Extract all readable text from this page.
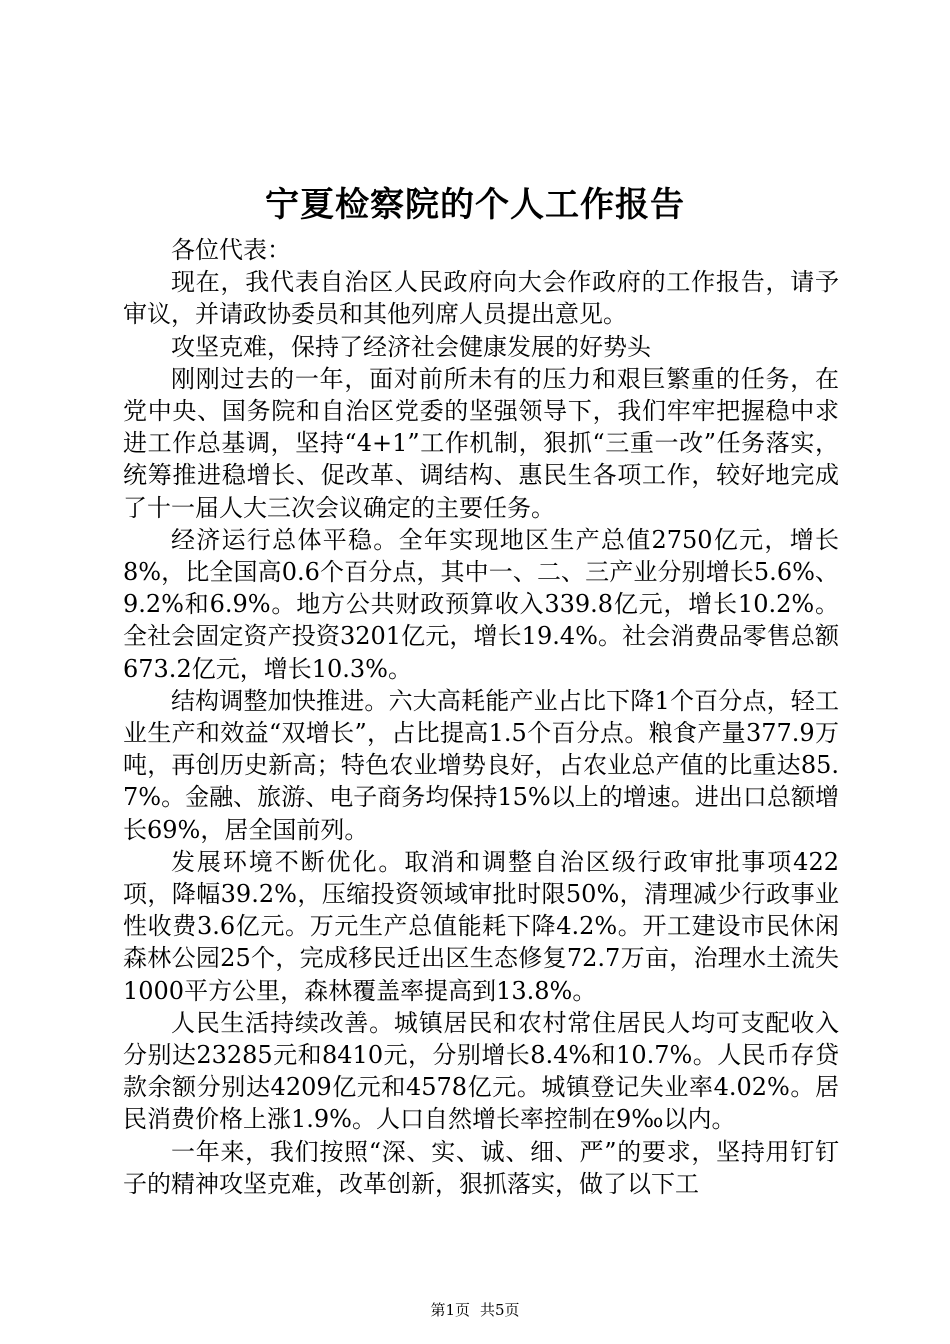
宁夏检察院的个人工作报告

各位代表：

现在，我代表自治区人民政府向大会作政府的工作报告，请予审议，并请政协委员和其他列席人员提出意见。

攻坚克难，保持了经济社会健康发展的好势头

刚刚过去的一年，面对前所未有的压力和艰巨繁重的任务，在党中央、国务院和自治区党委的坚强领导下，我们牢牢把握稳中求进工作总基调，坚持“4+1”工作机制，狠抓“三重一改”任务落实，统筹推进稳增长、促改革、调结构、惠民生各项工作，较好地完成了十一届人大三次会议确定的主要任务。

经济运行总体平稳。全年实现地区生产总值2750亿元，增长8%，比全国高0.6个百分点，其中一、二、三产业分别增长5.6%、9.2%和6.9%。地方公共财政预算收入339.8亿元，增长10.2%。全社会固定资产投资3201亿元，增长19.4%。社会消费品零售总额673.2亿元，增长10.3%。

结构调整加快推进。六大高耗能产业占比下降1个百分点，轻工业生产和效益“双增长”，占比提高1.5个百分点。粮食产量377.9万吨，再创历史新高；特色农业增势良好，占农业总产值的比重达85.7%。金融、旅游、电子商务均保持15%以上的增速。进出口总额增长69%，居全国前列。

发展环境不断优化。取消和调整自治区级行政审批事项422项，降幅39.2%，压缩投资领域审批时限50%，清理减少行政事业性收费3.6亿元。万元生产总值能耗下降4.2%。开工建设市民休闲森林公园25个，完成移民迁出区生态修复72.7万亩，治理水土流失1000平方公里，森林覆盖率提高到13.8%。

人民生活持续改善。城镇居民和农村常住居民人均可支配收入分别达23285元和8410元，分别增长8.4%和10.7%。人民币存贷款余额分别达4209亿元和4578亿元。城镇登记失业率4.02%。居民消费价格上涨1.9%。人口自然增长率控制在9‰以内。

一年来，我们按照“深、实、诚、细、严”的要求，坚持用钉钉子的精神攻坚克难，改革创新，狠抓落实，做了以下工

第1页 共5页
